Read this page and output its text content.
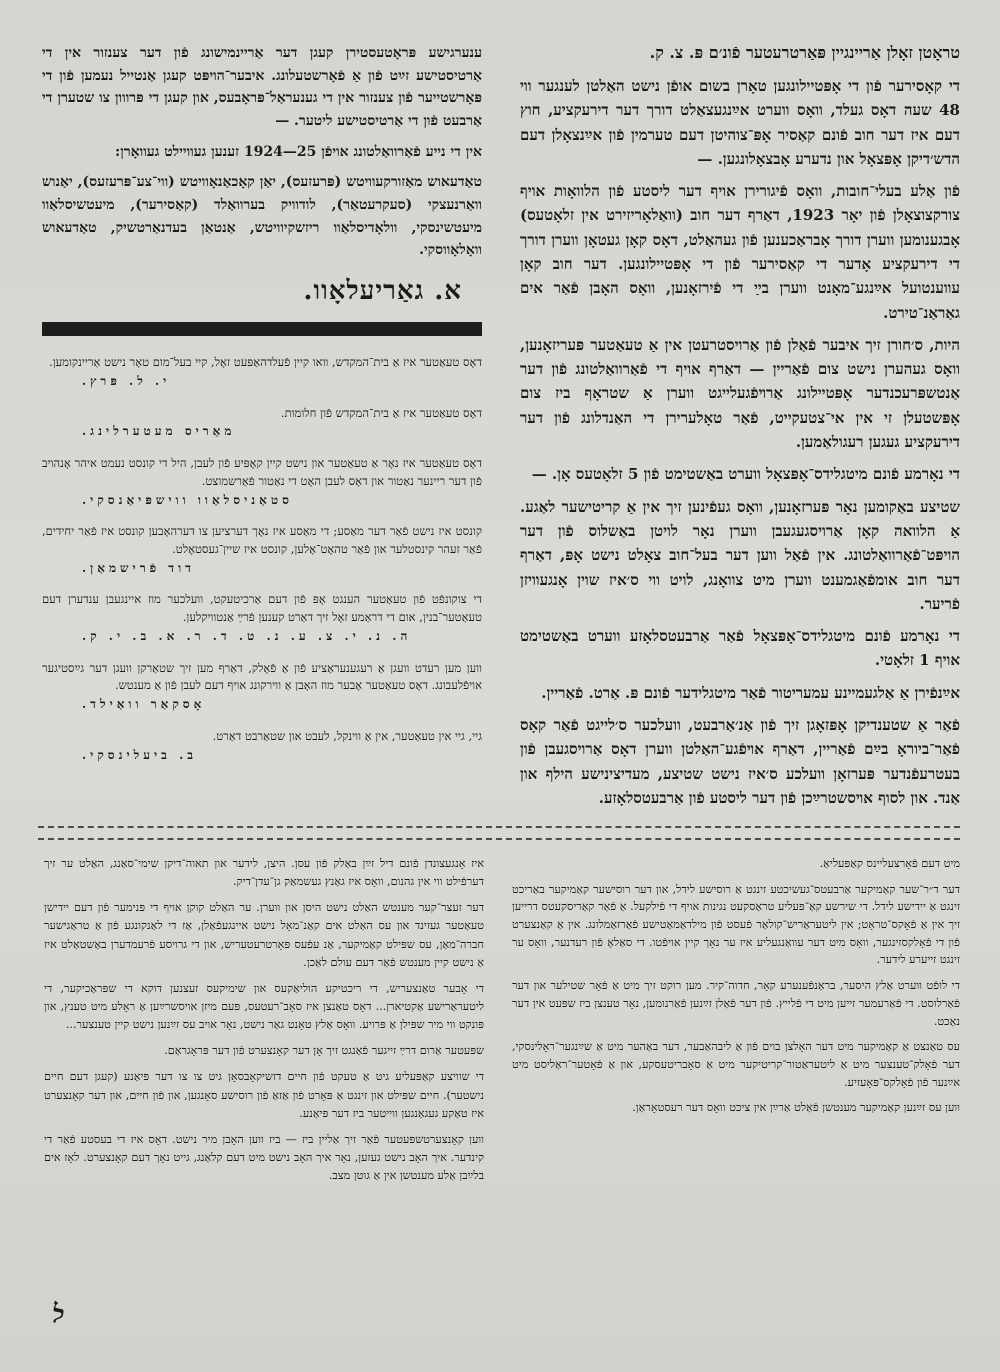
טראָטן זאָלן אַריינגיין פּאַרטרעטער פֿונ׳ם פּ. צ. ק.

די קאָסירער פֿון די אָפּטיילונגען טאָרן בשום אופֿן נישט האַלטן לענגער ווי 48 שעה דאָס געלד, וואָס ווערט אײַנגעצאַלט דורך דער דירעקציע, חוץ דעם איז דער חוב פֿונם קאַסיר אָפּ־צוהיטן דעם טערמין פֿון אײַנצאָלן דעם הדש׳דיקן אָפּצאָל און נדערע אָבצאָלונגען. —

פֿון אַלע בעלי־חובות, וואָס פֿיגורירן אויף דער ליסטע פֿון הלוואָות אויף צורקצוצאָלן פֿון יאָר 1923, דאַרף דער חוב (וואַלאָריזירט אין זלאָטעס) אָבגענומען ווערן דורך אָבראַכענען פֿון געהאַלט, דאָס קאָן געטאָן ווערן דורך די דירעקציע אָדער די קאַסירער פֿון די אָפּטיילונגען. דער חוב קאָן עווענטועל אײַנגע־מאָנט ווערן בײַ די פֿירזאָנען, וואָס האָבן פֿאַר אים גאַראַנ־טירט.

היות, ס׳חורן זיך איבער פֿאַלן פֿון אַרויסטרעטן אין אַ טעאַטער פּעריזאָנען, וואָס געהערן נישט צום פֿאַריין — דאַרף אויף די פֿאַרוואַלטונג פֿון דער אַנטשפּרעכנדער אָפּטיילונג אַרױפֿגעלייגט ווערן אַ שטראָף ביז צום אָפּשטעלן זי אין אי־צטעקייט, פֿאַר טאָלערירן די האַנדלונג פֿון דער דירעקציע געגען רעגולאַמען.

די נאָרמע פֿונם מיטגלידס־אָפּצאָל ווערט באַשטימט פֿון 5 זלאָטעס אָן. —

שטיצע באַקומען נאָר פּערזאָנען, וואָס געפֿינען זיך אין אַ קריטישער לאַגע. אַ הלוואה קאָן אַרויסגעגעבן ווערן נאָר לויטן באַשלוס פֿון דער הויפּט־פֿאַרוואַלטונג. אין פֿאַל ווען דער בעל־חוב צאָלט נישט אָפּ, דאַרף דער חוב אומפֿאַגמענט ווערן מיט צוואָנג, לויט ווי ס׳איז שוין אָנגעוויזן פֿריער.

די נאָרמע פֿונם מיטגלידס־אָפּצאָל פֿאַר אַרבעטסלאָזע ווערט באַשטימט אויף 1 זלאָטי.

אײַנפֿירן אַ אַלגעמיינע עמעריטור פֿאַר מיטגלידער פֿונם פּ. אַרט. פֿאַריין.

פֿאַר אַ שטענדיקן אָפּזאָגן זיך פֿון אַנ׳אַרבעט, וועלכער ס׳לייגט פֿאַר קאָס פֿאַר־ביוראָ בײַם פֿאַריין, דאַרף אױפֿגע־האַלטן ווערן דאָס אַרויסגעבן פֿון בעטרעפֿנדער פּערזאָן וועלכע ס׳איז נישט שטיצע, מעדיצינישע הילף און אַנד. און לסוף אױסשטרײַכן פֿון דער ליסטע פֿון אַרבעטסלאָזע.

ענערגישע פּראָטעסטירן קעגן דער אַריינמישונג פֿון דער צענזור אין די אַרטיסטישע זײַט פֿון אַ פֿאָרשטעלונג. איבער־הויפּט קעגן אַנטייל נעמען פֿון די פּאָרשטייער פֿון צענזור אין די גענעראַל־פּראָבעס, און קעגן די פּרווון צו שטערן די אַרבעט פֿון די אַרטיסטישע ליטער. —

אין די נייע פֿאַרוואַלטונג אויפֿן 25—1924 זענען געוויילט געוואָרן:

טאַדעאוש מאַזורקעוויטש (פּרעזעס), יאַן קאָכאַנאָוויטש (ווי־צע־פּרעזעס), יאַנוש וואַרנעצקי (סעקרעטאַר), לודוויק בערוואַלד (קאַסירער), מיעטשיסלאַוו מיעטשינסקי, וולאָדיסלאַוו ריזשקיוויטש, אַנטאַן בעדנאַרטשיק, טאַדעאוש וואָלאָווסקי.

א. גאַריעלאָוו.
דאָס טעאַטער איז אַ בית־המקדש, וואו קיין פֿעלדהאַפּעט זאָל, קיי בעל־מום טאָר נישט אַריינקומען.
י. ל. פּרץ.
דאָס טעאַטער איז אַ בית־המקדש פֿון חלומות.
מאַריס מעטערלינג.
דאָס טעאַטער איז נאָר אַ טעאַטער און נישט קיין קאָפּיע פֿון לעבן, היל די קונסט נעמט איהר אָנהויב פֿון דער ריינער נאַטור און דאָס לעבן האָט די נאַטור פֿאַרשמוצט.
סטאַניסלאַוו ווישפּיאַנסקי.
קונסט איז נישט פֿאַר דער מאַסע; די מאַסע איז נאָך דערציען צו דערהאָבען קונסט איז פֿאַר יחידים, פֿאַר זעהר קינסטלער און פֿאַר טהאָט־אָלען, קונסט איז שיין־געסטאָלט.
דוד פֿרישמאַן.
די צוקונפֿט פֿון טעאַטער הענגט אָפּ פֿון דעם אַרכיטעקט, וועלכער מוז איינגעבן ענדערן דעם טעאַטער־בנין, אום די דראַמע זאָל זיך דאַרט קענען פֿרײַ אַנטוויקלען.
ה. נ. י. צ. ע. נ. ט. ד. ר. א. ב. י. ק.
ווען מען רעדט וועגן אַ רעגענעראַציע פֿון אַ פֿאָלק, דאַרף מען זיך שטאַרקן וועגן דער גײַסטיגער אויפֿלעבונג. דאָס טעאַטער אָבער מוז האָבן אַ ווירקונג אויף דעם לעבן פֿון אַ מענטש.
אָסקאַר וואַילד.
גיי, גיי אין טעאַטער, אין אַ ווינקל, לעבט און שטאַרבט דאַרט.
ב. ביעלינסקי.

מיט דעם פֿאָרצעליינס קאַפּעליאַ.

דער ד״ר־שער קאַמיקער אַרבעטס־געשיכטע זינגט אַ רוסישע לידל, און דער רוסישער קאַמיקער באַריכט זינגט אַ יידישע לידל. די שירשע קאַ־פּעליע טראַסקעט נגינות אויף די פֿילקעל. אַ פֿאַר קאַריסקעטס דרייען זיך אין אַ פֿאָקס־טראָט; אין ליטעראַריש־קולאַר פֿעסט פֿון מילדאַמאַטישע פֿאַרזאַמלונג. אין אַ קאַנצערט פֿון די פֿאָלקסזינגער, וואָס מיט דער עוואַנגעליע איז ער נאָך קיין אויפֿטו. די סאַלאָ פֿון רעדנער, וואָס ער זינגט זייערע לידער.

די לופֿט ווערט אַלץ היסער, בראַנפֿענערע קאָר, חדוה־קיר. מען רוקט זיך מיט אַ פֿאָר שטילער און דער פֿאַרלוסט. די פֿאַרעמער זייען מיט די פֿלייץ. פֿון דער פֿאַלן זײַנען פֿאַרנומען, נאָר טענצן ביז שפּעט אין דער נאַכט.

עס טאַנצט אַ קאַמיקער מיט דער האָלצן בוים פֿון אַ ליבהאַבער, דער באַהער מיט אַ שײַנגער־ראָלינסקי, דער פֿאָלק־טענצער מיט אַ ליטעראַטור־קריטיקער מיט אַ סאָבריטעסקע, און אַ פֿאָטער־ראַליסט מיט אײַנער פֿון פֿאָלקס־פּאָעזיע.

ווען עס זײַנען קאַמיקער מענטשן פֿאַלט אַרײַן אין ציכט וואָס דער רעסטאָראַן.

איז אָנגעצונדן פֿונם דיל זײַן באַלק פֿון עסן. היצן, לידער און תאוה־דיקן שימי־סאַנג, האַלט ער זיך דערפֿילט ווי אין גהנום, וואָס איז גאַנץ געשמאַק גן־עדן־דיק.

דער זעצר־קער מענטש האַלט נישט היסן און ווערן. ער האַלט קוקן אויף די פּנימער פֿון דעם יידישן טעאַטער געזינד און עס האַלט אים קאַנ־מאָל נישט איינגעפֿאַלן, אַז די לאַנקונגע פֿון אַ טראַגישער חברה־מאַן, עס שפּילט קאַמיקער, אַנ עפֿעס פּאָרטרעטעריש, און די גרויסע פֿרעמדערן באַשטאַלט איז אַ נישט קיין מענטש פֿאַר דעם עולם לאַכן.

די אָבער טאַנצעריש, די ריכטיקע הוליאַקעס און שימיקעס זעצנען דוקא די שפּראַכיקער, די ליטעראַרישע אַקטיארן... דאָס טאַנצן איז סאָב־רעטעס, פּעם מיזן אויסשרײַען אַ ראָלע מיט טענץ, און פּונקט ווי מיר שפּילן אַ פּרויע. וואָס אַלץ טאָנט גאַר נישט, נאָר אויב עס זײַנען נישט קיין טענצער...

שפּעטער אַרום דרײַ זייגער פֿאַנגט זיך אָן דער קאָנצערט פֿון דער פּראָגראַם.

די שוויצע קאַפּעליע גיט אַ טעקט פֿון חיים דזשיקאָבסאָן גיט צו צו דער פּיאַנע (קעגן דעם חיים נישטער). חיים שפּילט און זינגט אַ פּאָרט פֿון אַזאַ פֿון רוסישע סאָנגען, און פֿון חיים, און דער קאָנצערט איז טאַקע געגאַנגען ווייטער ביז דער פּיאַנע.

ווען קאָנצערטשפּעטער פֿאַר זיך אַליין ביז — ביז ווען האָבן מיר נישט. דאָס איז די בעסטע פֿאַר די קינדער. איך האָב נישט געזען, נאָר איך האָב נישט מיט דעם קלאַנג, גייט נאָך דעם קאָנצערט. לאָז אים בלײַבן אַלע מענטשן אין אַ גוטן מצב.

ל
